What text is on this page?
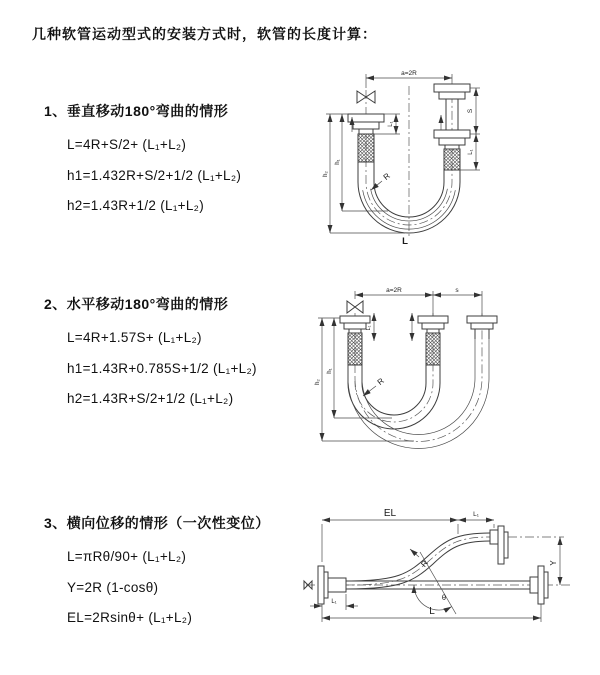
几种软管运动型式的安装方式时，软管的长度计算：
1、垂直移动180°弯曲的情形
L=4R+S/2+ (L₁+L₂)
h1=1.432R+S/2+1/2 (L₁+L₂)
h2=1.43R+1/2 (L₁+L₂)
2、水平移动180°弯曲的情形
L=4R+1.57S+ (L₁+L₂)
h1=1.43R+0.785S+1/2 (L₁+L₂)
h2=1.43R+S/2+1/2 (L₁+L₂)
3、横向位移的情形（一次性变位）
L=πRθ/90+ (L₁+L₂)
Y=2R (1-cosθ)
EL=2Rsinθ+ (L₁+L₂)
a=2R
S
L₁
L₁
h₁
h₂	R
L
a=2R	s
h₁
h₂
L₁
R
θ
R
EL	L₁
Y
L
L₁
